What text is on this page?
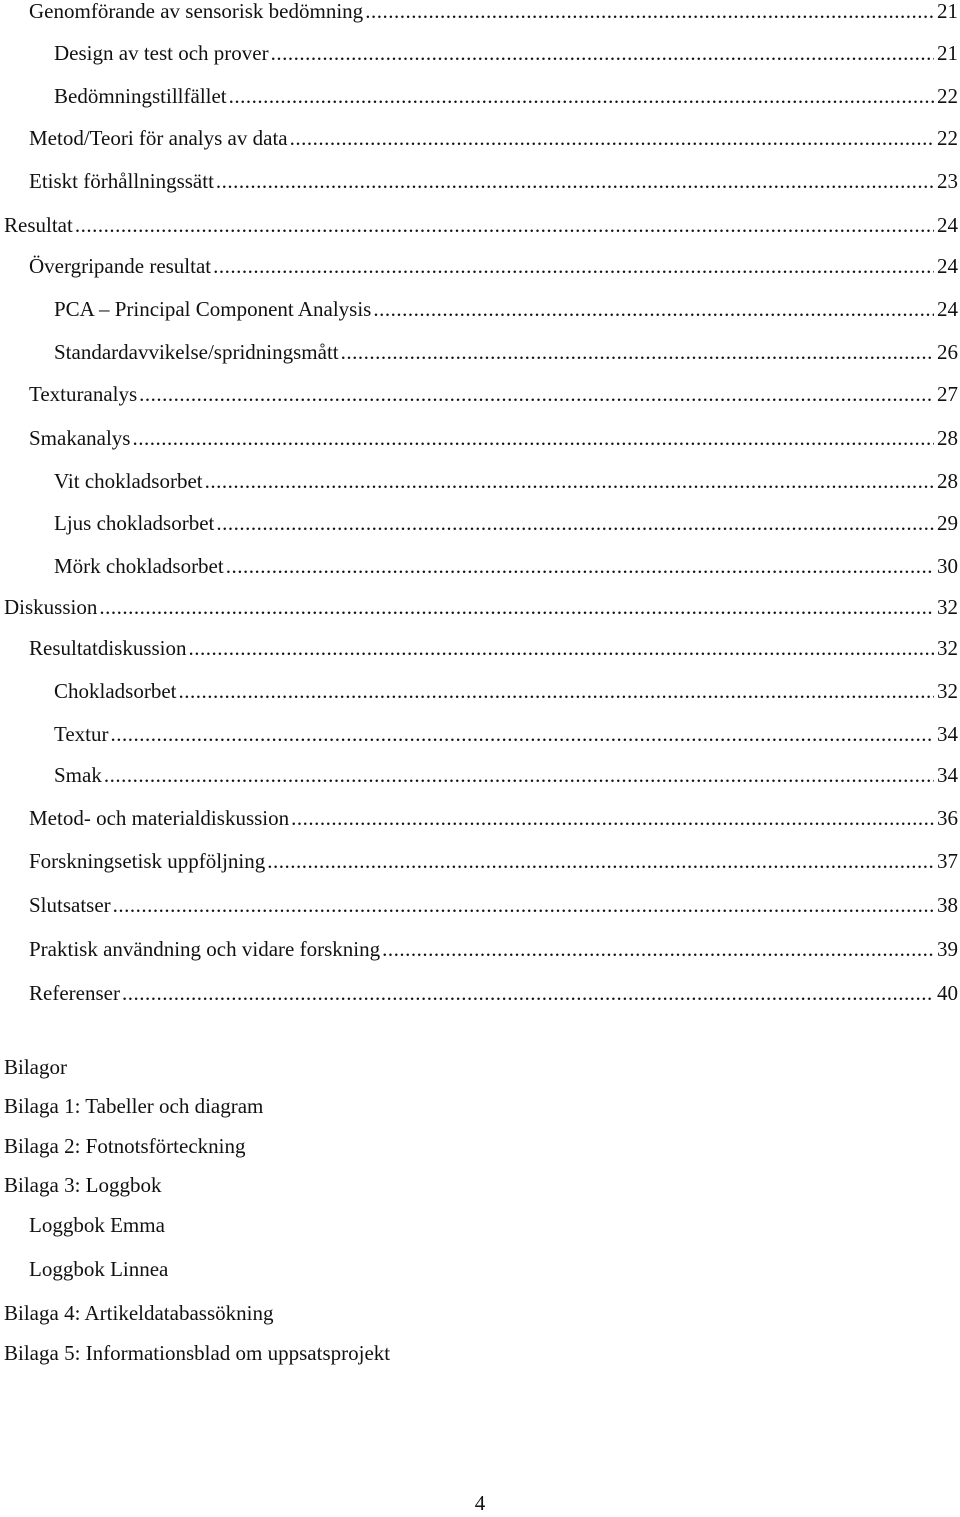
Genomförande av sensorisk bedömning .....	21
Design av test och prover .....	21
Bedömningstillfället .....	22
Metod/Teori för analys av data .....	22
Etiskt förhållningssätt .....	23
Resultat .....	24
Övergripande resultat .....	24
PCA – Principal Component Analysis .....	24
Standardavvikelse/spridningsmått .....	26
Texturanalys .....	27
Smakanalys .....	28
Vit chokladsorbet .....	28
Ljus chokladsorbet .....	29
Mörk chokladsorbet .....	30
Diskussion .....	32
Resultatdiskussion .....	32
Chokladsorbet .....	32
Textur .....	34
Smak .....	34
Metod- och materialdiskussion .....	36
Forskningsetisk uppföljning .....	37
Slutsatser .....	38
Praktisk användning och vidare forskning .....	39
Referenser .....	40
Bilagor
Bilaga 1: Tabeller och diagram
Bilaga 2: Fotnotsförteckning
Bilaga 3: Loggbok
Loggbok Emma
Loggbok Linnea
Bilaga 4: Artikeldatabassökning
Bilaga 5: Informationsblad om uppsatsprojekt
4
